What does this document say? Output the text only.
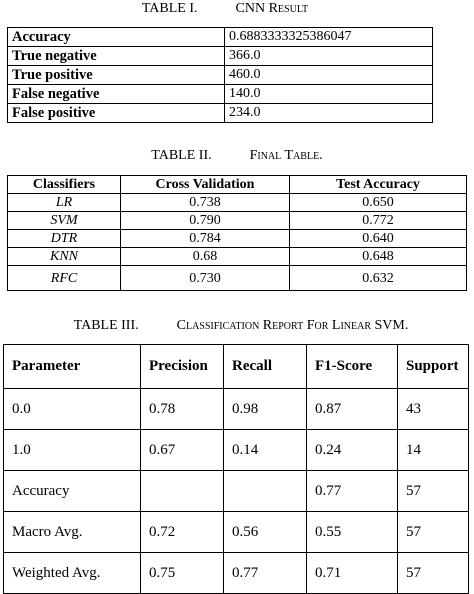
TABLE I.	CNN Result
Accuracy	0.6883333325386047
True negative	366.0
True positive	460.0
False negative	140.0
False positive	234.0
TABLE II.	Final Table.
Classifiers	Cross Validation	Test Accuracy
LR	0.738	0.650
SVM	0.790	0.772
DTR	0.784	0.640
KNN	0.68	0.648
RFC	0.730	0.632
TABLE III.	Classification Report For Linear SVM.
Parameter	Precision	Recall	F1-Score	Support
0.0	0.78	0.98	0.87	43
1.0	0.67	0.14	0.24	14
Accuracy			0.77	57
Macro Avg.	0.72	0.56	0.55	57
Weighted Avg.	0.75	0.77	0.71	57
